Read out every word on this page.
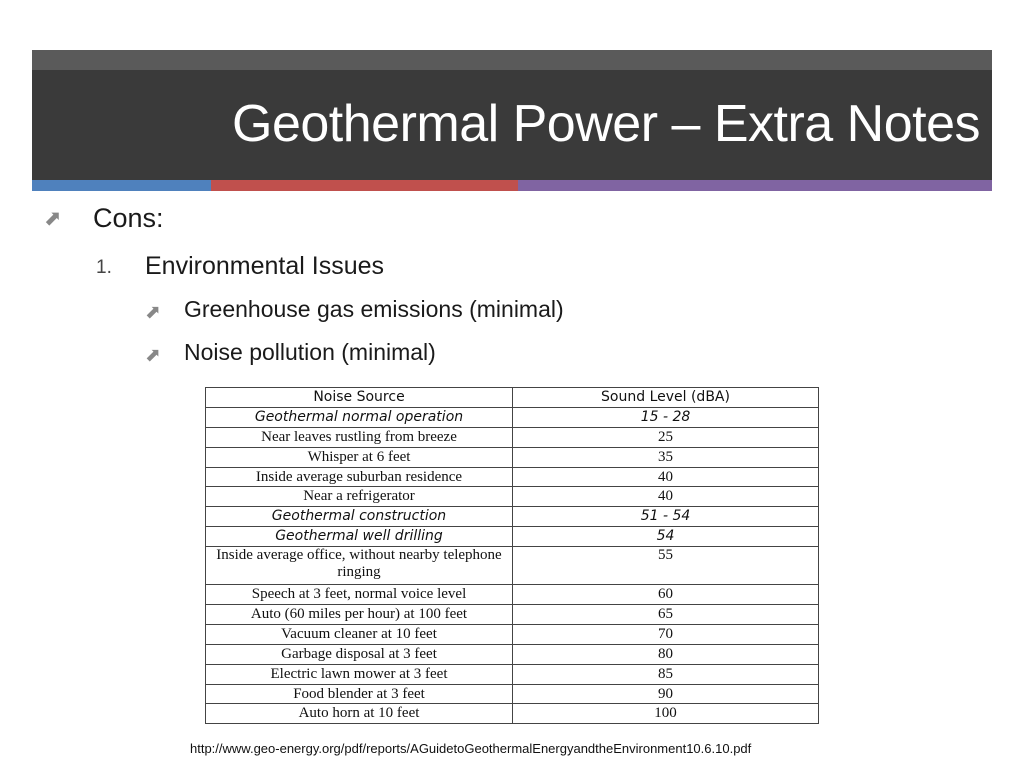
Geothermal Power – Extra Notes
⬈ Cons:
1. Environmental Issues
⬈ Greenhouse gas emissions (minimal)
⬈ Noise pollution (minimal)
Noise Source	Sound Level (dBA)
Geothermal normal operation	15 - 28
Near leaves rustling from breeze	25
Whisper at 6 feet	35
Inside average suburban residence	40
Near a refrigerator	40
Geothermal construction	51 - 54
Geothermal well drilling	54
Inside average office, without nearby telephone ringing	55
Speech at 3 feet, normal voice level	60
Auto (60 miles per hour) at 100 feet	65
Vacuum cleaner at 10 feet	70
Garbage disposal at 3 feet	80
Electric lawn mower at 3 feet	85
Food blender at 3 feet	90
Auto horn at 10 feet	100
http://www.geo-energy.org/pdf/reports/AGuidetoGeothermalEnergyandtheEnvironment10.6.10.pdf
